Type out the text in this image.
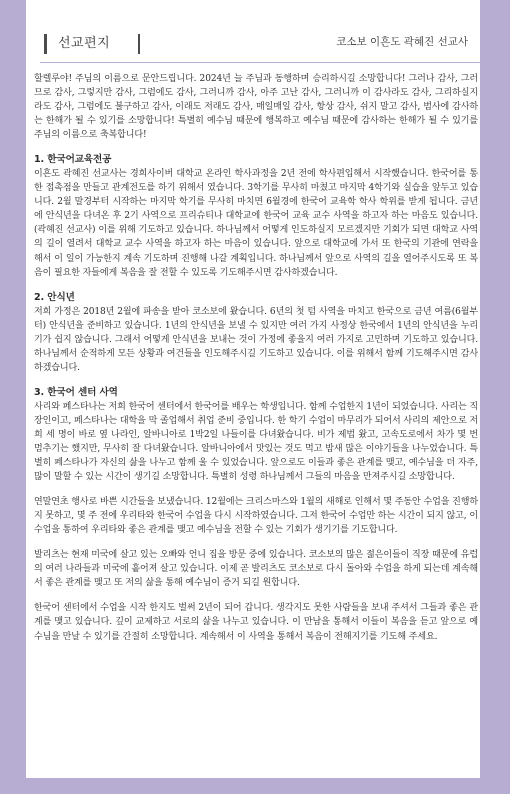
선교편지	코소보 이흔도 곽혜진 선교사

할렐루야! 주님의 이름으로 문안드립니다. 2024년 늘 주님과 동행하며 승리하시길 소망합니다! 그러나 감사, 그러므로 감사, 그렇지만 감사, 그럼에도 감사, 그러니까 감사, 아주 고난 감사, 그러니까 이 감사라도 감사, 그리하실지라도 감사, 그럼에도 불구하고 감사, 이래도 저래도 감사, 매일매일 감사, 항상 감사, 쉬지 말고 감사, 범사에 감사하는 한해가 될 수 있기를 소망합니다! 특별히 예수님 때문에 행복하고 예수님 때문에 감사하는 한해가 될 수 있기를 주님의 이름으로 축복합니다!

1. 한국어교육전공

이흔도 곽혜진 선교사는 경희사이버 대학교 온라인 학사과정을 2년 전에 학사편입해서 시작했습니다. 한국어를 통한 접촉점을 만들고 관계전도를 하기 위해서 였습니다. 3학기를 무사히 마쳤고 마지막 4학기와 실습을 앞두고 있습니다. 2월 말경부터 시작하는 마지막 학기를 무사히 마치면 6월경에 한국어 교육학 학사 학위를 받게 됩니다. 금년에 안식년을 다녀온 후 2기 사역으로 프리슈티나 대학교에 한국어 교육 교수 사역을 하고자 하는 마음도 있습니다.(곽혜진 선교사) 이를 위해 기도하고 있습니다. 하나님께서 어떻게 인도하실지 모르겠지만 기회가 되면 대학교 사역의 길이 열려서 대학교 교수 사역을 하고자 하는 마음이 있습니다. 앞으로 대학교에 가서 또 한국의 기관에 연락을 해서 이 일이 가능한지 계속 기도하며 진행해 나갈 계획입니다. 하나님께서 앞으로 사역의 길을 열어주시도록 또 복음이 필요한 자들에게 복음을 잘 전할 수 있도록 기도해주시면 감사하겠습니다.

2. 안식년

저희 가정은 2018년 2월에 파송을 받아 코소보에 왔습니다. 6년의 첫 텀 사역을 마치고 한국으로 금년 여름(6월부터) 안식년을 준비하고 있습니다. 1년의 안식년을 보낼 수 있지만 여러 가지 사정상 한국에서 1년의 안식년을 누리기가 쉽지 않습니다. 그래서 어떻게 안식년을 보내는 것이 가정에 좋을지 여러 가지로 고민하며 기도하고 있습니다. 하나님께서 순적하게 모든 상황과 여건들을 인도해주시길 기도하고 있습니다. 이를 위해서 함께 기도해주시면 감사하겠습니다.

3. 한국어 센터 사역

사리와 페스타나는 저희 한국어 센터에서 한국어를 배우는 학생입니다. 함께 수업한지 1년이 되었습니다. 사리는 직장인이고, 페스타나는 대학을 막 졸업해서 취업 준비 중입니다. 한 학기 수업이 마무리가 되어서 사리의 제안으로 저희 세 명이 바로 옆 나라인, 알바니아로 1박2일 나들이를 다녀왔습니다. 비가 제법 왔고, 고속도로에서 차가 몇 번 멈추기는 했지만, 무사히 잘 다녀왔습니다. 알바니아에서 맛있는 것도 먹고 밤새 많은 이야기들을 나누었습니다. 특별히 페스타나가 자신의 삶을 나누고 함께 울 수 있었습니다. 앞으로도 이들과 좋은 관계를 맺고, 예수님을 더 자주, 많이 말할 수 있는 시간이 생기길 소망합니다. 특별히 성령 하나님께서 그들의 마음을 만져주시길 소망합니다.

연말연초 행사로 바쁜 시간들을 보냈습니다. 12월에는 크리스마스와 1월의 새해로 인해서 몇 주동안 수업을 진행하지 못하고, 몇 주 전에 우리타와 한국어 수업을 다시 시작하였습니다. 그저 한국어 수업만 하는 시간이 되지 않고, 이 수업을 통하여 우리타와 좋은 관계를 맺고 예수님을 전할 수 있는 기회가 생기기를 기도합니다.

발리츠는 현재 미국에 살고 있는 오빠와 언니 집을 방문 중에 있습니다. 코소보의 많은 젊은이들이 직장 때문에 유럽의 여러 나라들과 미국에 흩어져 살고 있습니다. 이제 곧 발리츠도 코소보로 다시 돌아와 수업을 하게 되는데 계속해서 좋은 관계를 맺고 또 저의 삶을 통해 예수님이 증거 되길 원합니다.

한국어 센터에서 수업을 시작 한지도 벌써 2년이 되어 갑니다. 생각지도 못한 사람들을 보내 주셔서 그들과 좋은 관계를 맺고 있습니다. 깊이 교제하고 서로의 삶을 나누고 있습니다. 이 만남을 통해서 이들이 복음을 듣고 앞으로 예수님을 만날 수 있기를 간절히 소망합니다. 계속해서 이 사역을 통해서 복음이 전해지기를 기도해 주세요.
